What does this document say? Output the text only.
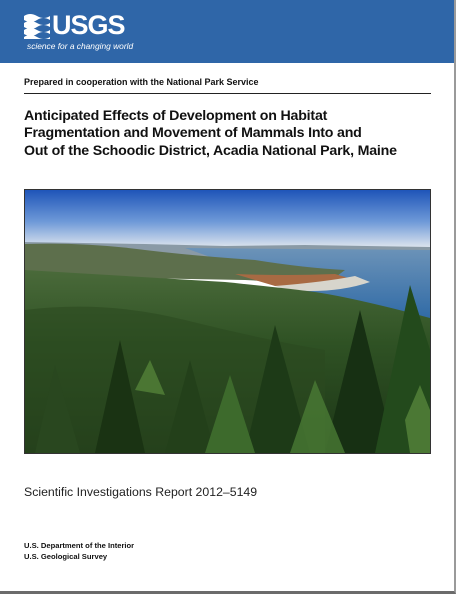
USGS
science for a changing world
Prepared in cooperation with the National Park Service
Anticipated Effects of Development on Habitat
Fragmentation and Movement of Mammals Into and
Out of the Schoodic District, Acadia National Park, Maine
Scientific Investigations Report 2012–5149
U.S. Department of the Interior
U.S. Geological Survey
